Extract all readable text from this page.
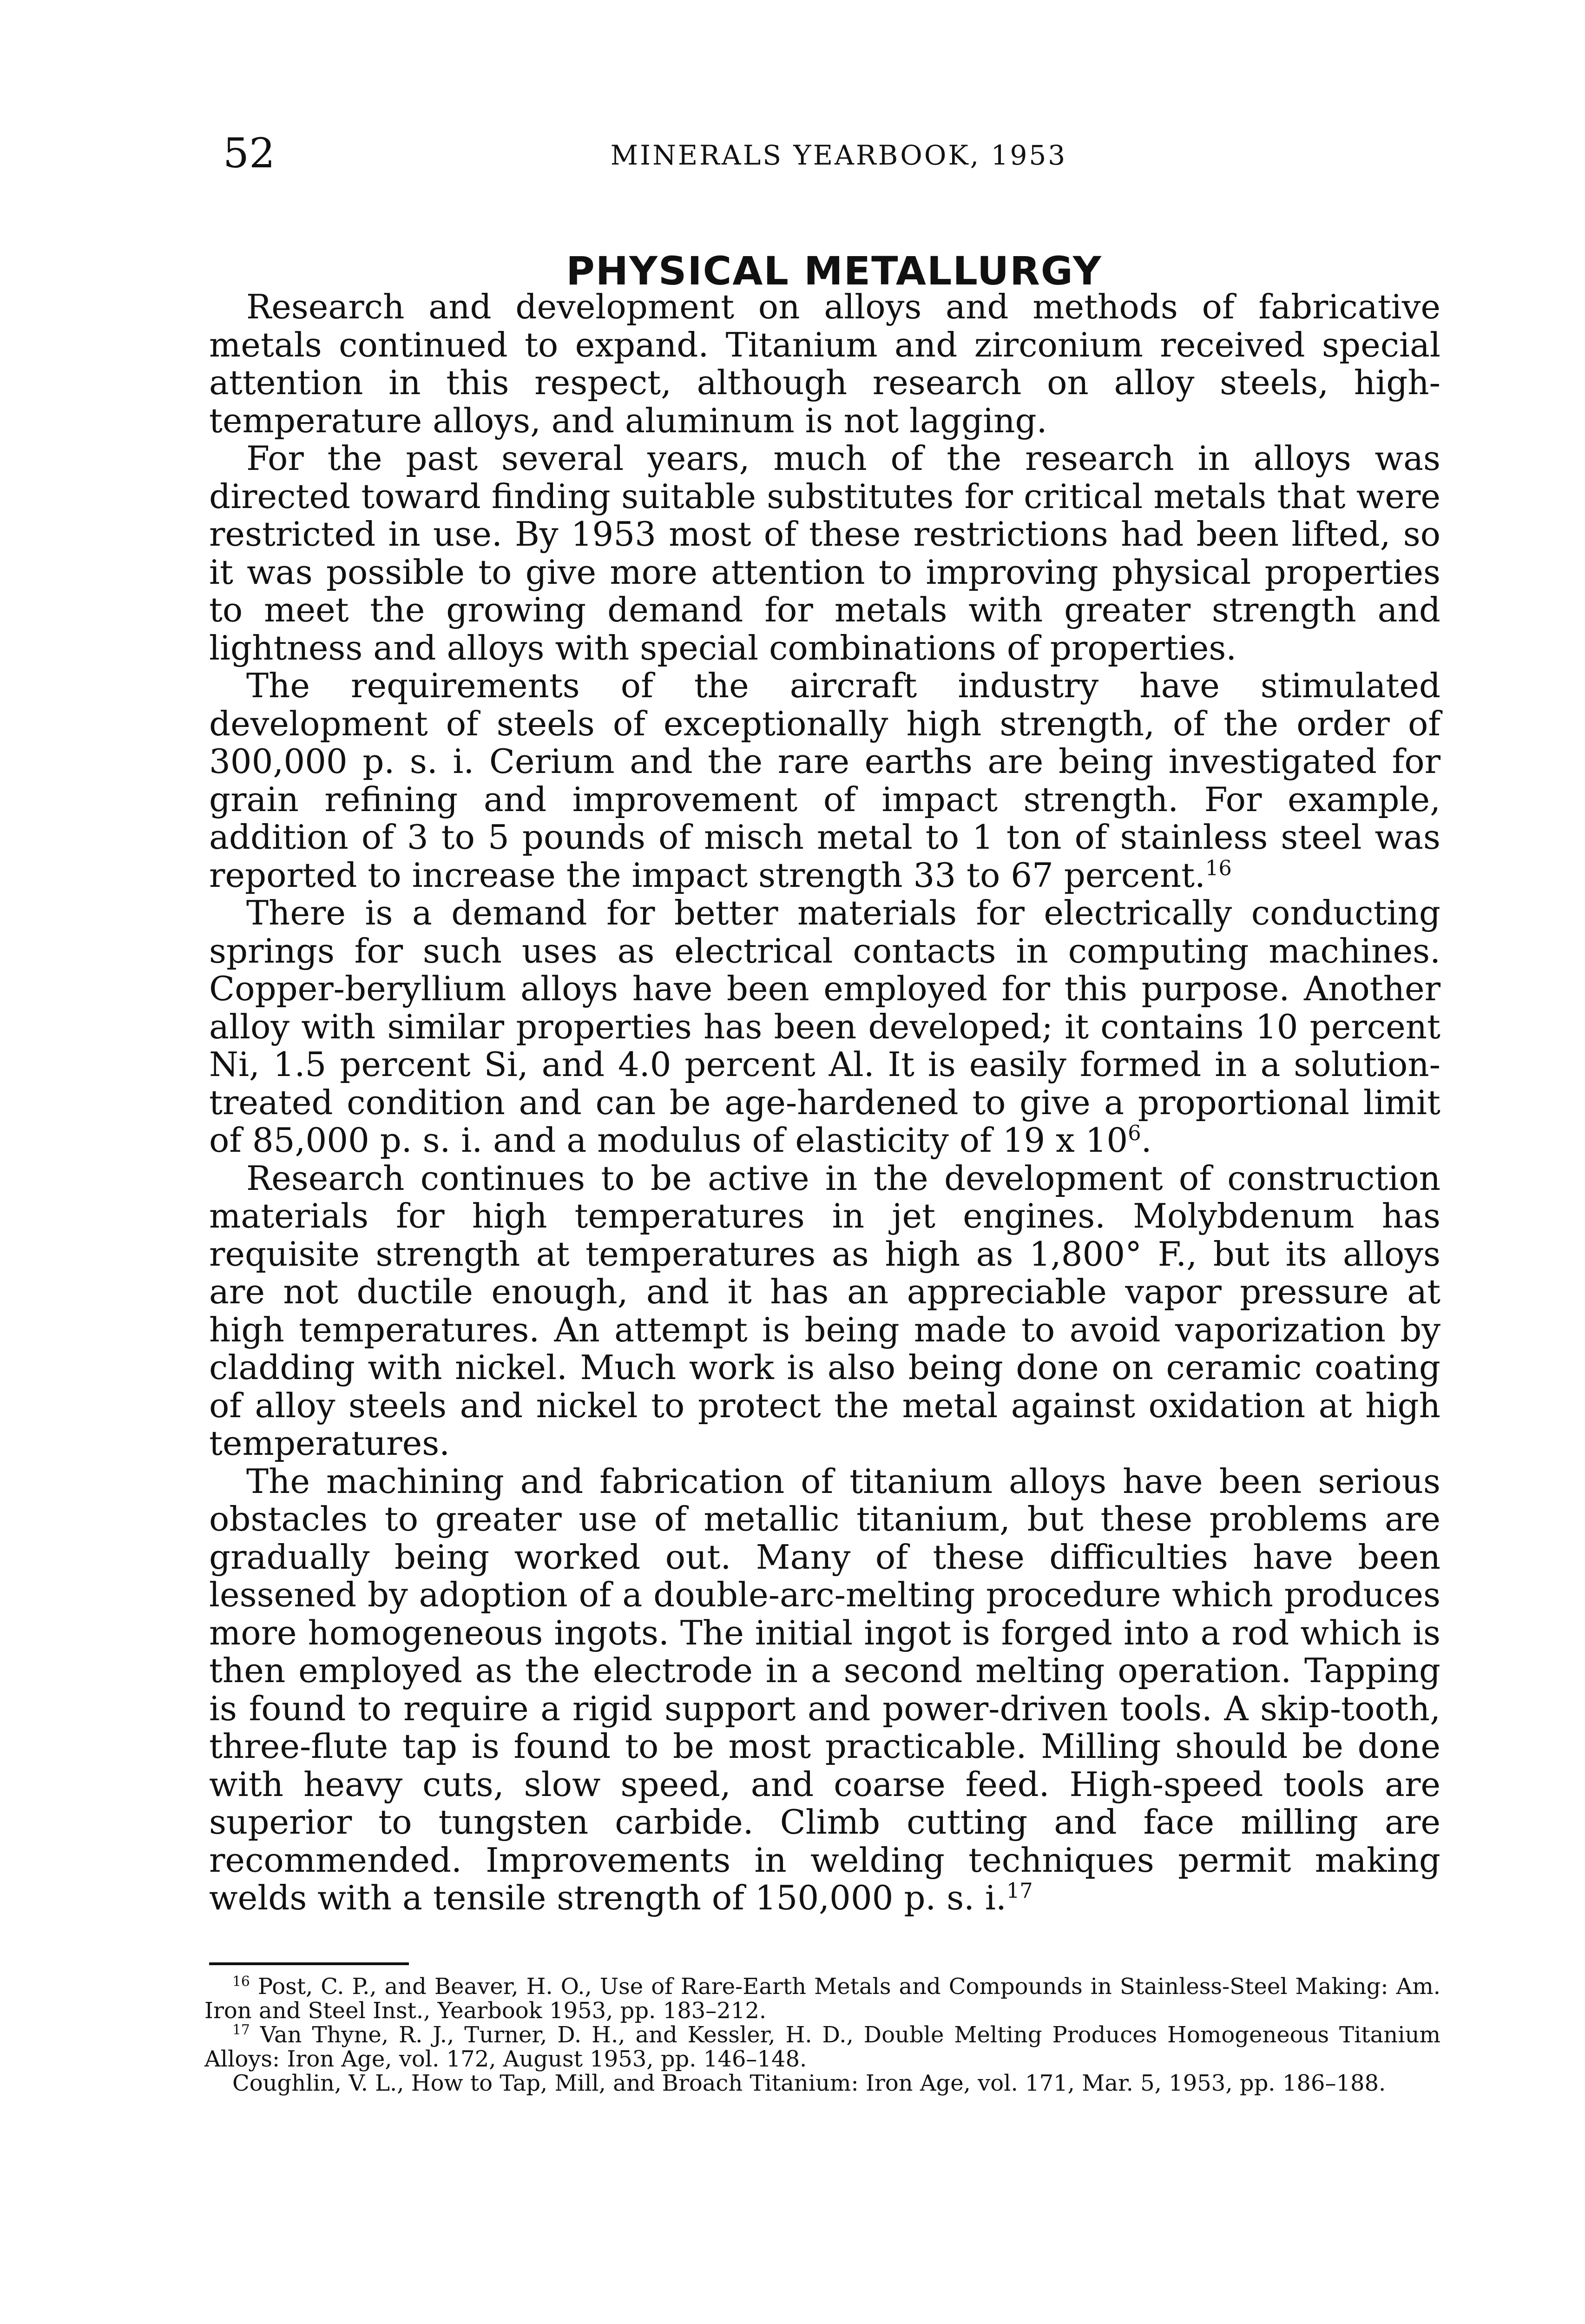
52	MINERALS YEARBOOK, 1953
PHYSICAL METALLURGY

Research and development on alloys and methods of fabricative metals continued to expand. Titanium and zirconium received special attention in this respect, although research on alloy steels, high-temperature alloys, and aluminum is not lagging.

For the past several years, much of the research in alloys was directed toward finding suitable substitutes for critical metals that were restricted in use. By 1953 most of these restrictions had been lifted, so it was possible to give more attention to improving physical properties to meet the growing demand for metals with greater strength and lightness and alloys with special combinations of properties.

The requirements of the aircraft industry have stimulated development of steels of exceptionally high strength, of the order of 300,000 p. s. i. Cerium and the rare earths are being investigated for grain refining and improvement of impact strength. For example, addition of 3 to 5 pounds of misch metal to 1 ton of stainless steel was reported to increase the impact strength 33 to 67 percent.$^{16}$

There is a demand for better materials for electrically conducting springs for such uses as electrical contacts in computing machines. Copper-beryllium alloys have been employed for this purpose. Another alloy with similar properties has been developed; it contains 10 percent Ni, 1.5 percent Si, and 4.0 percent Al. It is easily formed in a solution-treated condition and can be age-hardened to give a proportional limit of 85,000 p. s. i. and a modulus of elasticity of 19 x $10^6$.

Research continues to be active in the development of construction materials for high temperatures in jet engines. Molybdenum has requisite strength at temperatures as high as 1,800° F., but its alloys are not ductile enough, and it has an appreciable vapor pressure at high temperatures. An attempt is being made to avoid vaporization by cladding with nickel. Much work is also being done on ceramic coating of alloy steels and nickel to protect the metal against oxidation at high temperatures.

The machining and fabrication of titanium alloys have been serious obstacles to greater use of metallic titanium, but these problems are gradually being worked out. Many of these difficulties have been lessened by adoption of a double-arc-melting procedure which produces more homogeneous ingots. The initial ingot is forged into a rod which is then employed as the electrode in a second melting operation. Tapping is found to require a rigid support and power-driven tools. A skip-tooth, three-flute tap is found to be most practicable. Milling should be done with heavy cuts, slow speed, and coarse feed. High-speed tools are superior to tungsten carbide. Climb cutting and face milling are recommended. Improvements in welding techniques permit making welds with a tensile strength of 150,000 p. s. i.$^{17}$

$^{16}$ Post, C. P., and Beaver, H. O., Use of Rare-Earth Metals and Compounds in Stainless-Steel Making: Am. Iron and Steel Inst., Yearbook 1953, pp. 183–212.

$^{17}$ Van Thyne, R. J., Turner, D. H., and Kessler, H. D., Double Melting Produces Homogeneous Titanium Alloys: Iron Age, vol. 172, August 1953, pp. 146–148.

Coughlin, V. L., How to Tap, Mill, and Broach Titanium: Iron Age, vol. 171, Mar. 5, 1953, pp. 186–188.
